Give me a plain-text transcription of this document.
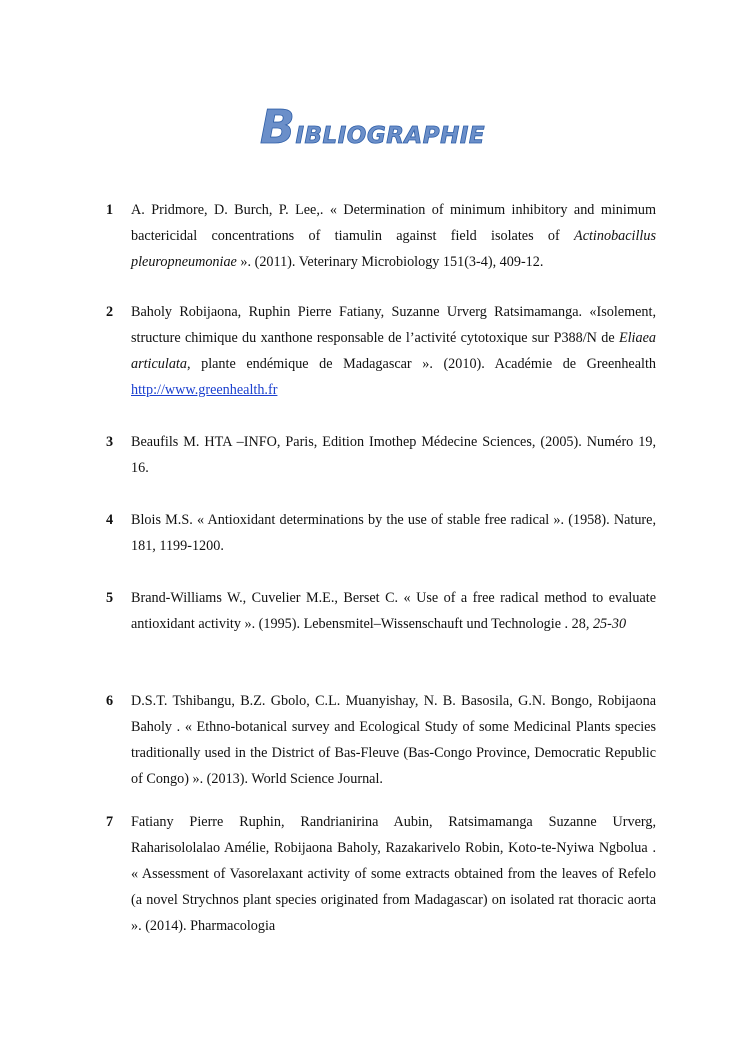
BIBLIOGRAPHIE
1 A. Pridmore, D. Burch, P. Lee,. « Determination of minimum inhibitory and minimum bactericidal concentrations of tiamulin against field isolates of Actinobacillus pleuropneumoniae ». (2011). Veterinary Microbiology 151(3-4), 409-12.
2 Baholy Robijaona, Ruphin Pierre Fatiany, Suzanne Urverg Ratsimamanga. «Isolement, structure chimique du xanthone responsable de l’activité cytotoxique sur P388/N de Eliaea articulata, plante endémique de Madagascar ». (2010). Académie de Greenhealth http://www.greenhealth.fr
3 Beaufils M. HTA –INFO, Paris, Edition Imothep Médecine Sciences, (2005). Numéro 19, 16.
4 Blois M.S. « Antioxidant determinations by the use of stable free radical ». (1958). Nature, 181, 1199-1200.
5 Brand-Williams W., Cuvelier M.E., Berset C. « Use of a free radical method to evaluate antioxidant activity ». (1995). Lebensmitel–Wissenschauft und Technologie . 28, 25-30
6 D.S.T. Tshibangu, B.Z. Gbolo, C.L. Muanyishay, N. B. Basosila, G.N. Bongo, Robijaona Baholy . « Ethno-botanical survey and Ecological Study of some Medicinal Plants species traditionally used in the District of Bas-Fleuve (Bas-Congo Province, Democratic Republic of Congo) ». (2013). World Science Journal.
7 Fatiany Pierre Ruphin, Randrianirina Aubin, Ratsimamanga Suzanne Urverg, Raharisololalao Amélie, Robijaona Baholy, Razakarivelo Robin, Koto-te-Nyiwa Ngbolua . « Assessment of Vasorelaxant activity of some extracts obtained from the leaves of Refelo (a novel Strychnos plant species originated from Madagascar) on isolated rat thoracic aorta ». (2014). Pharmacologia
